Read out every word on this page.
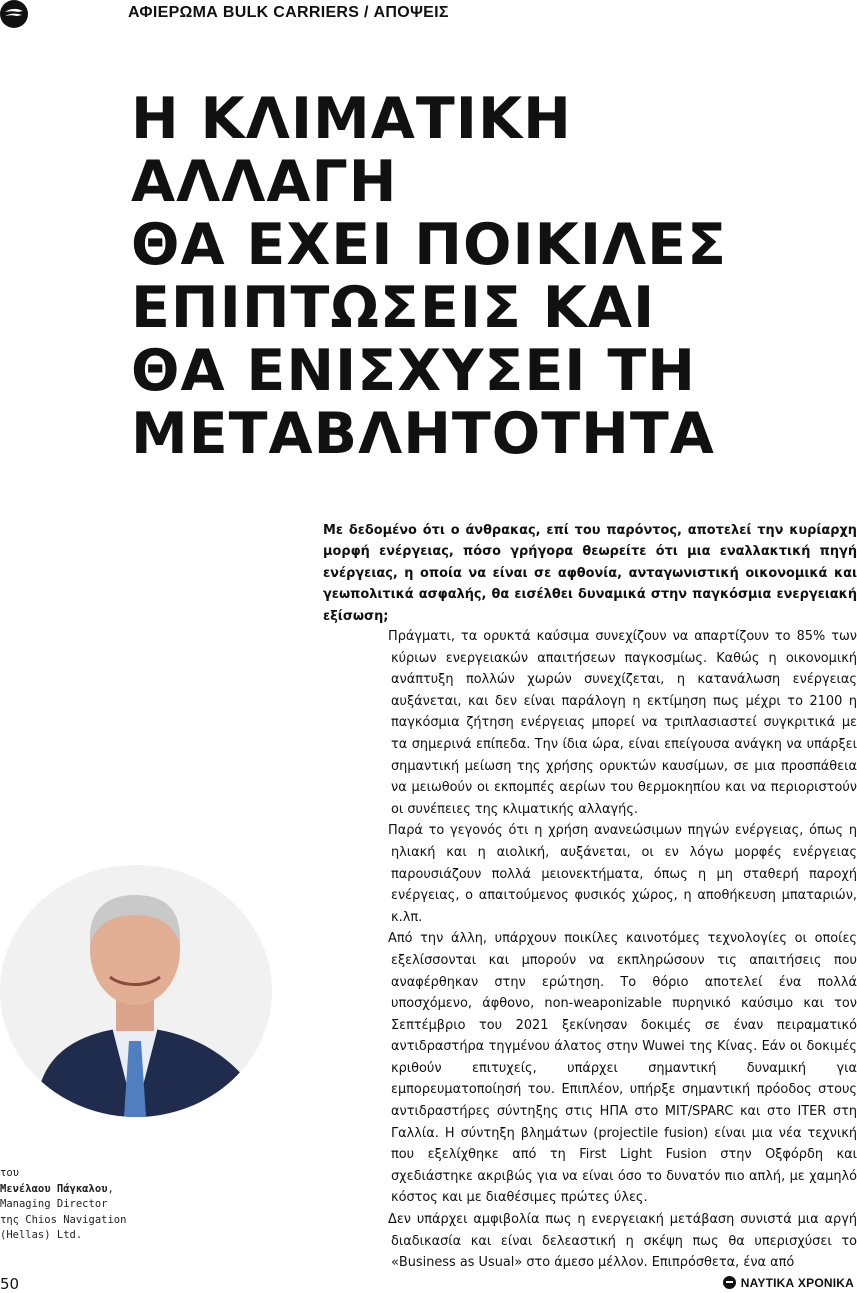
ΑΦΙΕΡΩΜΑ BULK CARRIERS / ΑΠΟΨΕΙΣ
Η ΚΛΙΜΑΤΙΚΗ ΑΛΛΑΓΗ
ΘΑ ΕΧΕΙ ΠΟΙΚΙΛΕΣ
ΕΠΙΠΤΩΣΕΙΣ ΚΑΙ
ΘΑ ΕΝΙΣΧΥΣΕΙ ΤΗ
ΜΕΤΑΒΛΗΤΟΤΗΤΑ
του
Μενέλαου Πάγκαλου,
Managing Director
της Chios Navigation
(Hellas) Ltd.

Με δεδομένο ότι ο άνθρακας, επί του παρόντος, αποτελεί την κυρίαρχη μορφή ενέργειας, πόσο γρήγορα θεωρείτε ότι μια εναλλακτική πηγή ενέργειας, η οποία να είναι σε αφθονία, ανταγωνιστική οικονομικά και γεωπολιτικά ασφαλής, θα εισέλθει δυναμικά στην παγκόσμια ενεργειακή εξίσωση;

Πράγματι, τα ορυκτά καύσιμα συνεχίζουν να απαρτίζουν το 85% των κύριων ενεργειακών απαιτήσεων παγκοσμίως. Καθώς η οικονομική ανάπτυξη πολλών χωρών συνεχίζεται, η κατανάλωση ενέργειας αυξάνεται, και δεν είναι παράλογη η εκτίμηση πως μέχρι το 2100 η παγκόσμια ζήτηση ενέργειας μπορεί να τριπλασιαστεί συγκριτικά με τα σημερινά επίπεδα. Την ίδια ώρα, είναι επείγουσα ανάγκη να υπάρξει σημαντική μείωση της χρήσης ορυκτών καυσίμων, σε μια προσπάθεια να μειωθούν οι εκπομπές αερίων του θερμοκηπίου και να περιοριστούν οι συνέπειες της κλιματικής αλλαγής.

Παρά το γεγονός ότι η χρήση ανανεώσιμων πηγών ενέργειας, όπως η ηλιακή και η αιολική, αυξάνεται, οι εν λόγω μορφές ενέργειας παρουσιάζουν πολλά μειονεκτήματα, όπως η μη σταθερή παροχή ενέργειας, ο απαιτούμενος φυσικός χώρος, η αποθήκευση μπαταριών, κ.λπ.

Από την άλλη, υπάρχουν ποικίλες καινοτόμες τεχνολογίες οι οποίες εξελίσσονται και μπορούν να εκπληρώσουν τις απαιτήσεις που αναφέρθηκαν στην ερώτηση. Το θόριο αποτελεί ένα πολλά υποσχόμενο, άφθονο, non-weaponizable πυρηνικό καύσιμο και τον Σεπτέμβριο του 2021 ξεκίνησαν δοκιμές σε έναν πειραματικό αντιδραστήρα τηγμένου άλατος στην Wuwei της Κίνας. Εάν οι δοκιμές κριθούν επιτυχείς, υπάρχει σημαντική δυναμική για εμπορευματοποίησή του. Επιπλέον, υπήρξε σημαντική πρόοδος στους αντιδραστήρες σύντηξης στις ΗΠΑ στο MIT/SPARC και στο ITER στη Γαλλία. Η σύντηξη βλημάτων (projectile fusion) είναι μια νέα τεχνική που εξελίχθηκε από τη First Light Fusion στην Οξφόρδη και σχεδιάστηκε ακριβώς για να είναι όσο το δυνατόν πιο απλή, με χαμηλό κόστος και με διαθέσιμες πρώτες ύλες.

Δεν υπάρχει αμφιβολία πως η ενεργειακή μετάβαση συνιστά μια αργή διαδικασία και είναι δελεαστική η σκέψη πως θα υπερισχύσει το «Business as Usual» στο άμεσο μέλλον. Επιπρόσθετα, ένα από

50	ΝΑΥΤΙΚΑ ΧΡΟΝΙΚΑ
